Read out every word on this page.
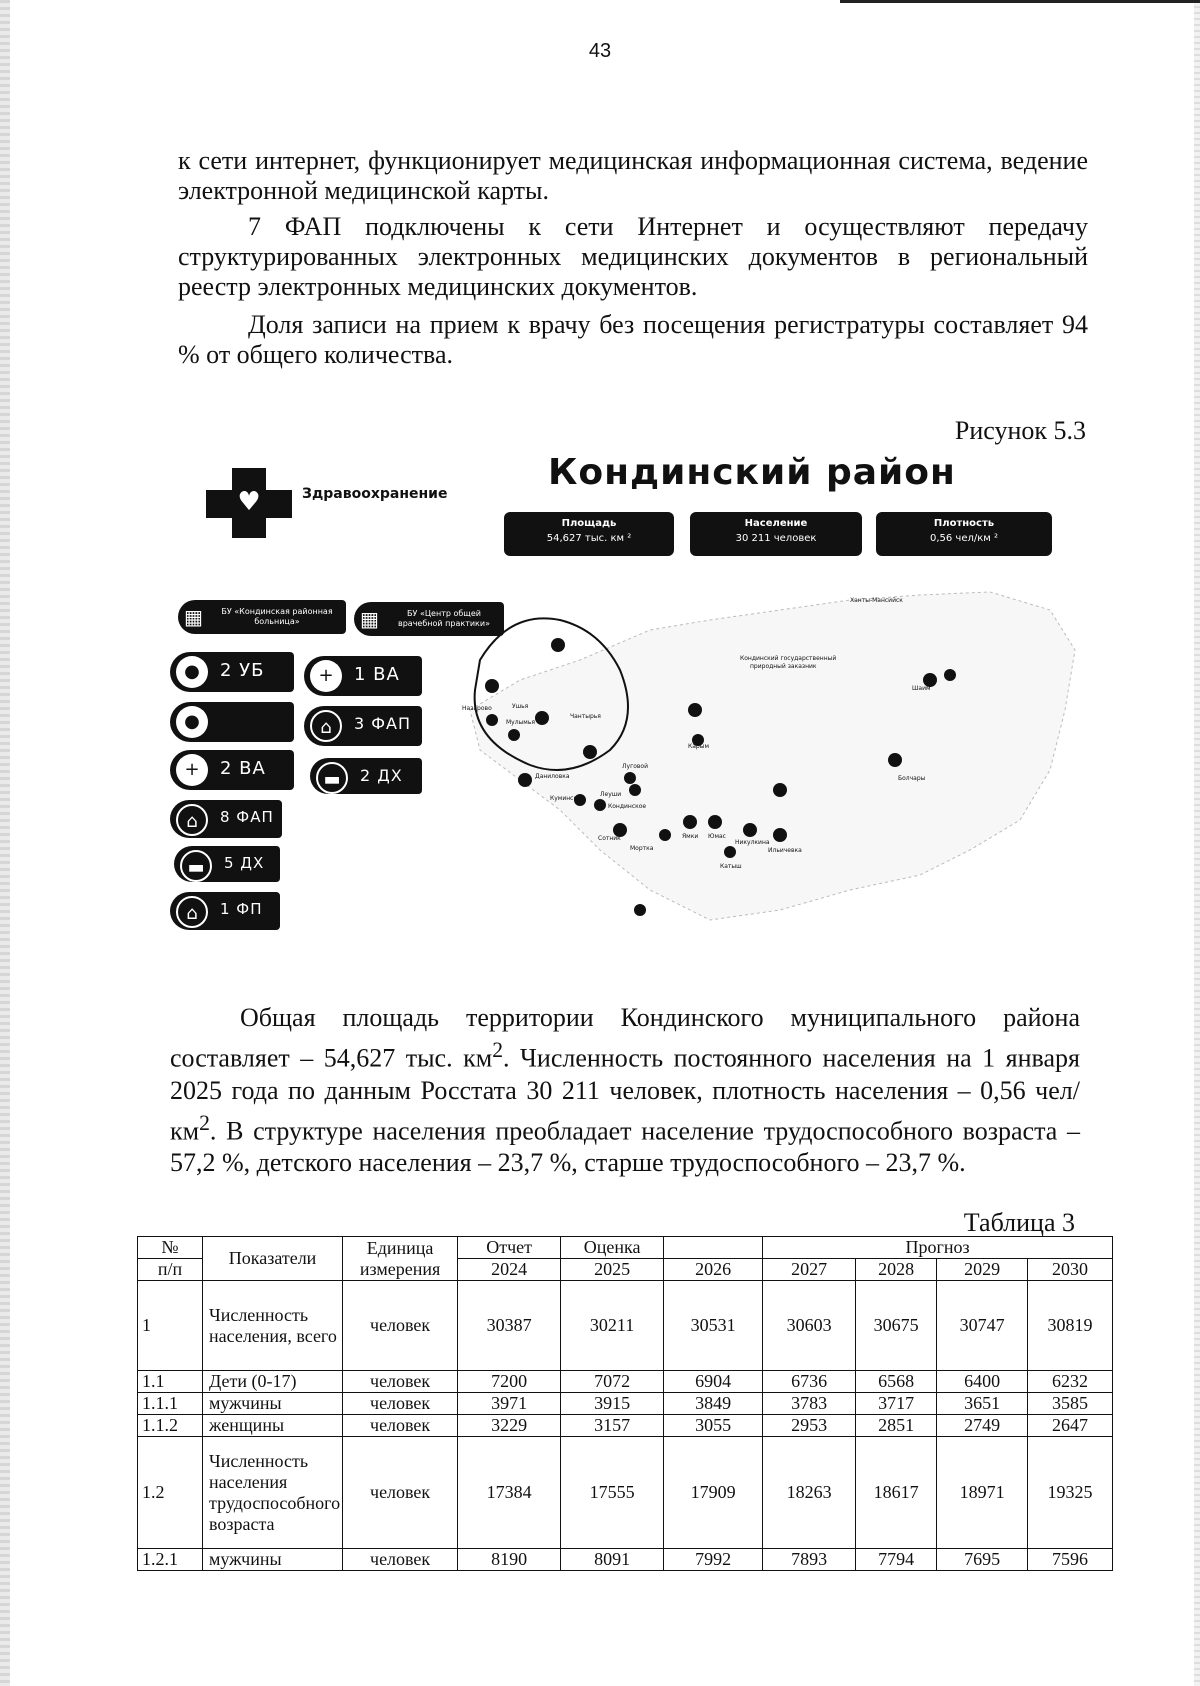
43

к сети интернет, функционирует медицинская информационная система, ведение электронной медицинской карты.

7 ФАП подключены к сети Интернет и осуществляют передачу структурированных электронных медицинских документов в региональный реестр электронных медицинских документов.

Доля записи на прием к врачу без посещения регистратуры составляет 94 % от общего количества.

Рисунок 5.3
♥	Здравоохранение
Кондинский район
Площадь
54,627 тыс. км ²
Население
30 211 человек
Плотность
0,56 чел/км ²
▦	БУ «Кондинская районная больница»	▦	БУ «Центр общей врачебной практики»
●	2 УБ
●
+	2 ВА
⌂	8 ФАП
▬	5 ДХ
⌂	1 ФП
+	1 ВА
⌂	3 ФАП
▬	2 ДХ
Ханты-Мансийск
Кондинский государственный
природный заказник
Назарово	Ушья
Чантырья
Мулымья
Луговой
Карым
Шаим
Даниловка
Леуши
Кондинское
Куминский
Сотник
Мортка
Ямки Юмас
Никулкина
Ильичевка
Катыш
Болчары

Общая площадь территории Кондинского муниципального района составляет – 54,627 тыс. $км^2$. Численность постоянного населения на 1 января 2025 года по данным Росстата 30 211 человек, плотность населения – 0,56 чел/$км^2$. В структуре населения преобладает население трудоспособного возраста – 57,2 %, детского населения – 23,7 %, старше трудоспособного – 23,7 %.

Таблица 3
№	Показатели	Единица измерения	Отчет	Оценка		Прогноз			
п/п			2024	2025	2026	2027	2028	2029	2030
1	Численность населения, всего	человек	30387	30211	30531	30603	30675	30747	30819
1.1	Дети (0-17)	человек	7200	7072	6904	6736	6568	6400	6232
1.1.1	мужчины	человек	3971	3915	3849	3783	3717	3651	3585
1.1.2	женщины	человек	3229	3157	3055	2953	2851	2749	2647
1.2	Численность населения трудоспособного возраста	человек	17384	17555	17909	18263	18617	18971	19325
1.2.1	мужчины	человек	8190	8091	7992	7893	7794	7695	7596
